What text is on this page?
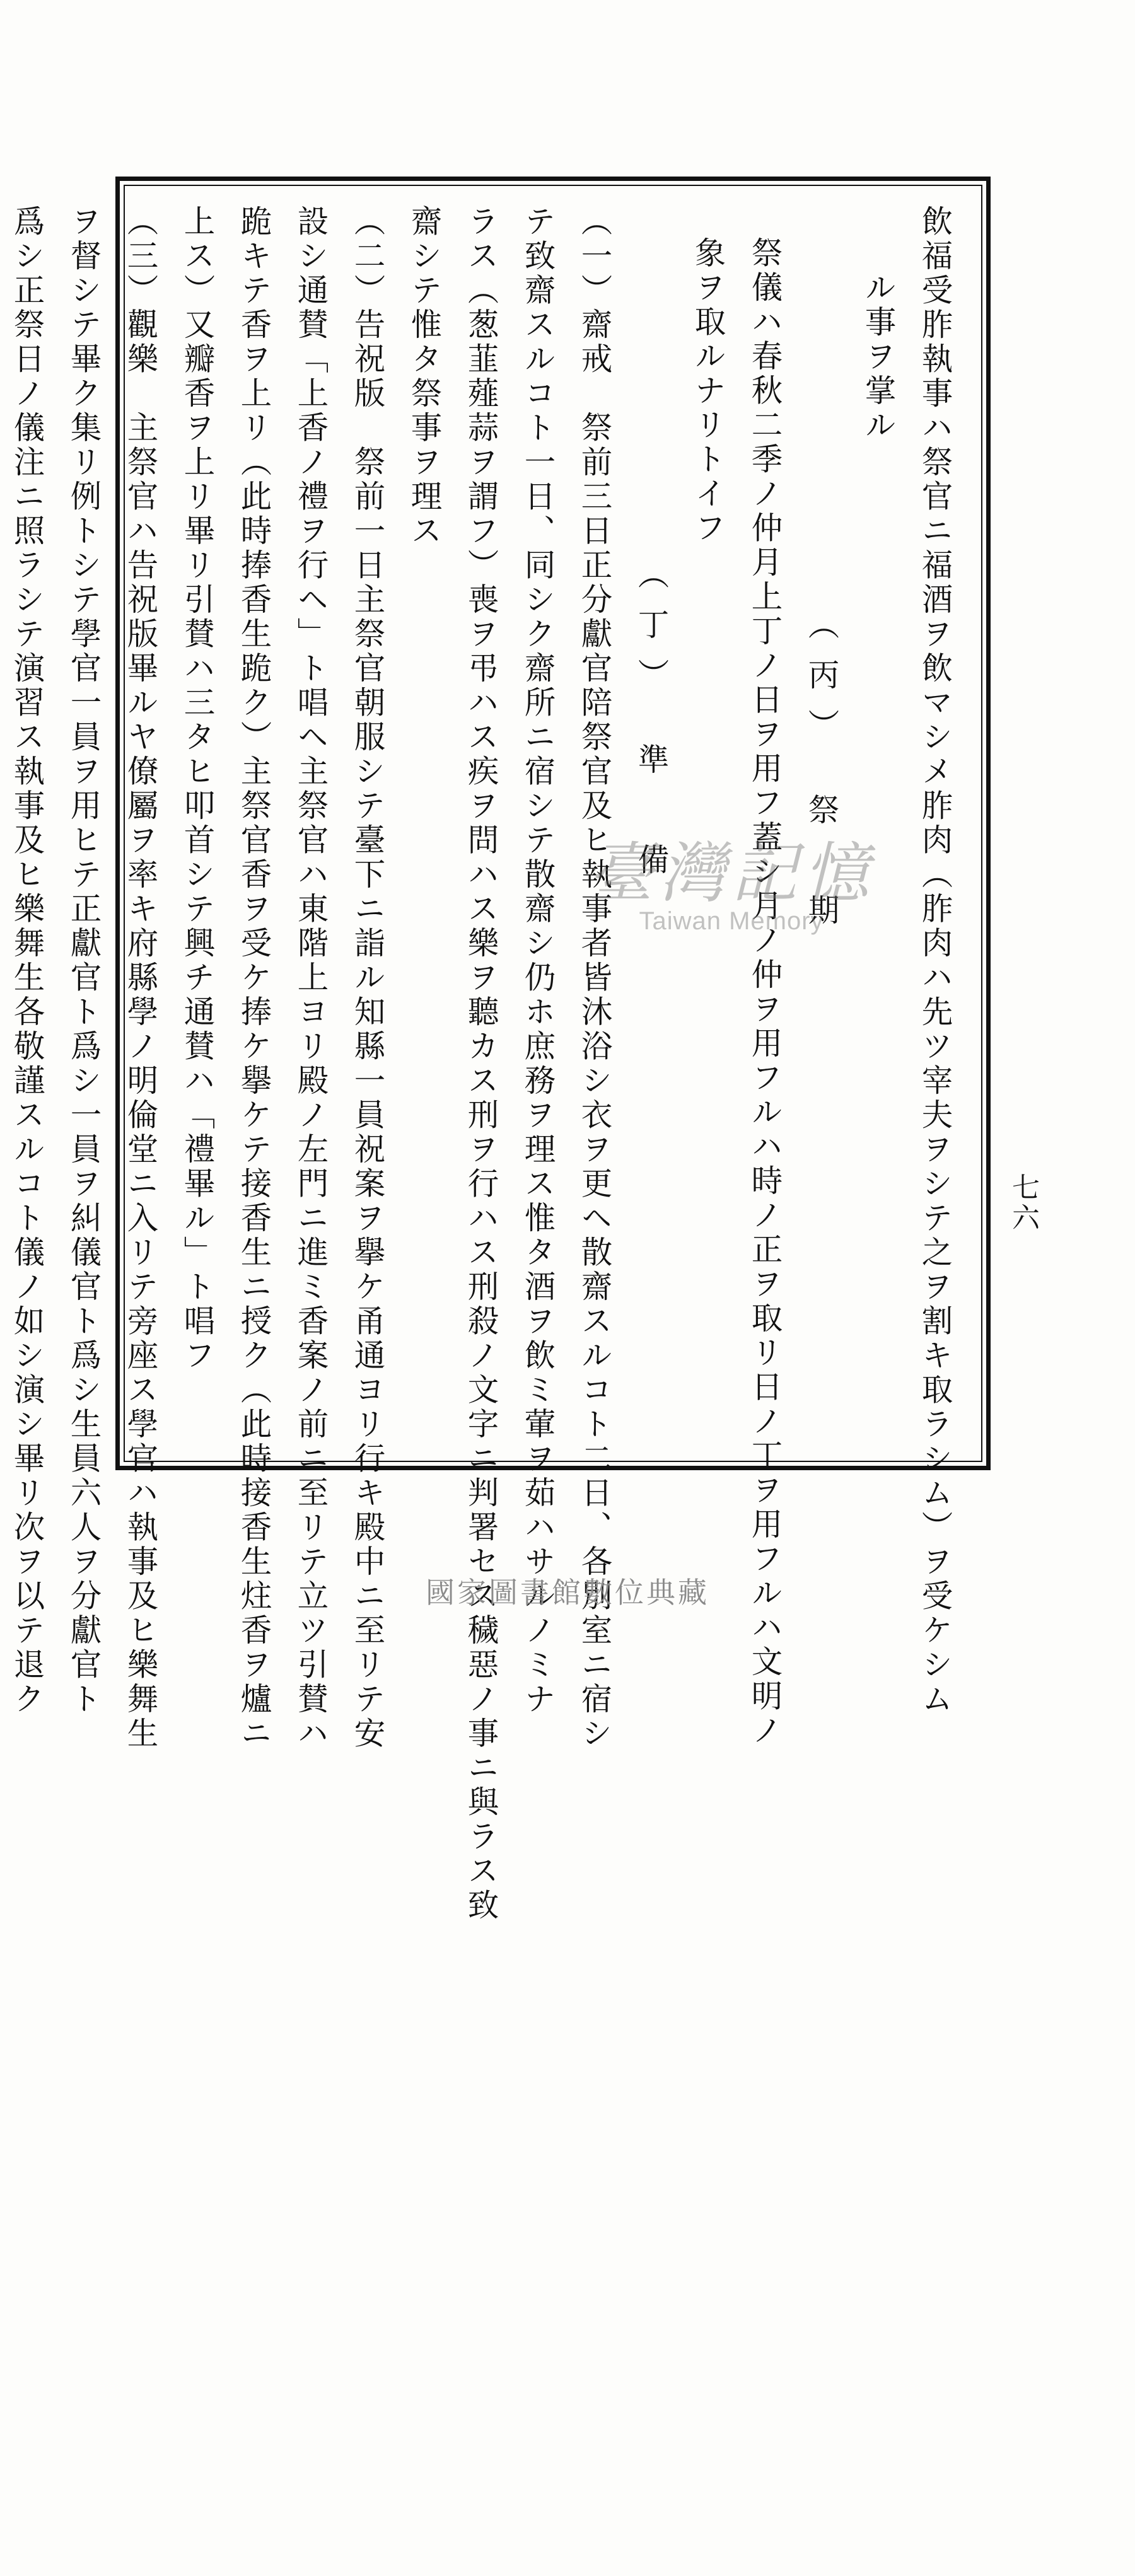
七六
飲福受胙執事ハ祭官ニ福酒ヲ飲マシメ胙肉（胙肉ハ先ツ宰夫ヲシテ之ヲ割キ取ラシム）ヲ受ケシム
ル事ヲ掌ル
（丙）　祭　期
祭儀ハ春秋二季ノ仲月上丁ノ日ヲ用フ蓋シ月ノ仲ヲ用フルハ時ノ正ヲ取リ日ノ丁ヲ用フルハ文明ノ
象ヲ取ルナリトイフ
（丁）　準　備
（一）齋戒　祭前三日正分獻官陪祭官及ヒ執事者皆沐浴シ衣ヲ更ヘ散齋スルコト二日、各別室ニ宿シ
テ致齋スルコト一日、同シク齋所ニ宿シテ散齋シ仍ホ庶務ヲ理ス惟タ酒ヲ飲ミ葷ヲ茹ハサルノミナ
ラス（葱韮薤蒜ヲ謂フ）喪ヲ弔ハス疾ヲ問ハス樂ヲ聽カス刑ヲ行ハス刑殺ノ文字ニ判署セス穢惡ノ事ニ與ラス致
齋シテ惟タ祭事ヲ理ス
（二）告祝版　祭前一日主祭官朝服シテ臺下ニ詣ル知縣一員祝案ヲ擧ケ甬通ヨリ行キ殿中ニ至リテ安
設シ通賛「上香ノ禮ヲ行ヘ」ト唱ヘ主祭官ハ東階上ヨリ殿ノ左門ニ進ミ香案ノ前ニ至リテ立ツ引賛ハ
跪キテ香ヲ上リ（此時捧香生跪ク）主祭官香ヲ受ケ捧ケ擧ケテ接香生ニ授ク（此時接香生炷香ヲ爐ニ
上ス）又瓣香ヲ上リ畢リ引賛ハ三タヒ叩首シテ興チ通賛ハ「禮畢ル」ト唱フ
（三）觀樂　主祭官ハ告祝版畢ルヤ僚屬ヲ率キ府縣學ノ明倫堂ニ入リテ旁座ス學官ハ執事及ヒ樂舞生
ヲ督シテ畢ク集リ例トシテ學官一員ヲ用ヒテ正獻官ト爲シ一員ヲ糾儀官ト爲シ生員六人ヲ分獻官ト
爲シ正祭日ノ儀注ニ照ラシテ演習ス執事及ヒ樂舞生各敬謹スルコト儀ノ如シ演シ畢リ次ヲ以テ退ク	臺灣記憶
Taiwan Memory
國家圖書館數位典藏
